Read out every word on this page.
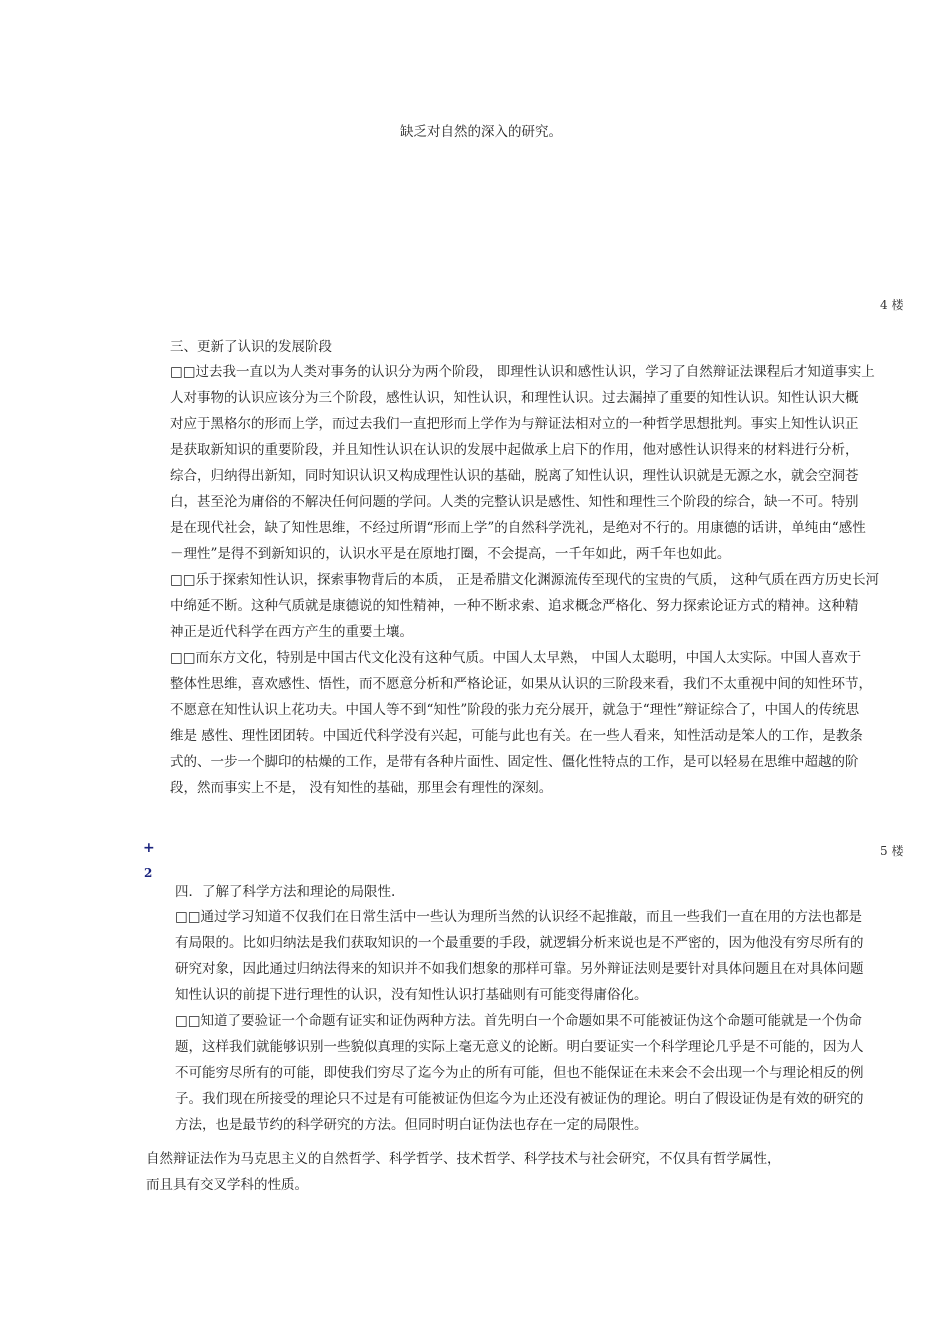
缺乏对自然的深入的研究。

4 楼

三、更新了认识的发展阶段

□□过去我一直以为人类对事务的认识分为两个阶段， 即理性认识和感性认识，学习了自然辩证法课程后才知道事实上

人对事物的认识应该分为三个阶段，感性认识，知性认识，和理性认识。过去漏掉了重要的知性认识。知性认识大概

对应于黑格尔的形而上学，而过去我们一直把形而上学作为与辩证法相对立的一种哲学思想批判。事实上知性认识正

是获取新知识的重要阶段，并且知性认识在认识的发展中起做承上启下的作用，他对感性认识得来的材料进行分析，

综合，归纳得出新知，同时知识认识又构成理性认识的基础，脱离了知性认识，理性认识就是无源之水，就会空洞苍

白，甚至沦为庸俗的不解决任何问题的学问。人类的完整认识是感性、知性和理性三个阶段的综合，缺一不可。特别

是在现代社会，缺了知性思维，不经过所谓“形而上学”的自然科学洗礼，是绝对不行的。用康德的话讲，单纯由“感性

－理性”是得不到新知识的，认识水平是在原地打圈，不会提高，一千年如此，两千年也如此。

□□乐于探索知性认识，探索事物背后的本质， 正是希腊文化渊源流传至现代的宝贵的气质， 这种气质在西方历史长河

中绵延不断。这种气质就是康德说的知性精神，一种不断求索、追求概念严格化、努力探索论证方式的精神。这种精

神正是近代科学在西方产生的重要土壤。

□□而东方文化，特别是中国古代文化没有这种气质。中国人太早熟， 中国人太聪明，中国人太实际。中国人喜欢于

整体性思维，喜欢感性、悟性，而不愿意分析和严格论证，如果从认识的三阶段来看，我们不太重视中间的知性环节，

不愿意在知性认识上花功夫。中国人等不到“知性”阶段的张力充分展开，就急于“理性”辩证综合了，中国人的传统思

维是 感性、理性团团转。中国近代科学没有兴起，可能与此也有关。在一些人看来，知性活动是笨人的工作，是教条

式的、一步一个脚印的枯燥的工作，是带有各种片面性、固定性、僵化性特点的工作，是可以轻易在思维中超越的阶

段，然而事实上不是， 没有知性的基础，那里会有理性的深刻。

+
2
5 楼

四．了解了科学方法和理论的局限性.

□□通过学习知道不仅我们在日常生活中一些认为理所当然的认识经不起推敲，而且一些我们一直在用的方法也都是

有局限的。比如归纳法是我们获取知识的一个最重要的手段，就逻辑分析来说也是不严密的，因为他没有穷尽所有的

研究对象，因此通过归纳法得来的知识并不如我们想象的那样可靠。另外辩证法则是要针对具体问题且在对具体问题

知性认识的前提下进行理性的认识，没有知性认识打基础则有可能变得庸俗化。

□□知道了要验证一个命题有证实和证伪两种方法。首先明白一个命题如果不可能被证伪这个命题可能就是一个伪命

题，这样我们就能够识别一些貌似真理的实际上毫无意义的论断。明白要证实一个科学理论几乎是不可能的，因为人

不可能穷尽所有的可能，即使我们穷尽了迄今为止的所有可能，但也不能保证在未来会不会出现一个与理论相反的例

子。我们现在所接受的理论只不过是有可能被证伪但迄今为止还没有被证伪的理论。明白了假设证伪是有效的研究的

方法，也是最节约的科学研究的方法。但同时明白证伪法也存在一定的局限性。

自然辩证法作为马克思主义的自然哲学、科学哲学、技术哲学、科学技术与社会研究，不仅具有哲学属性，

而且具有交叉学科的性质。
